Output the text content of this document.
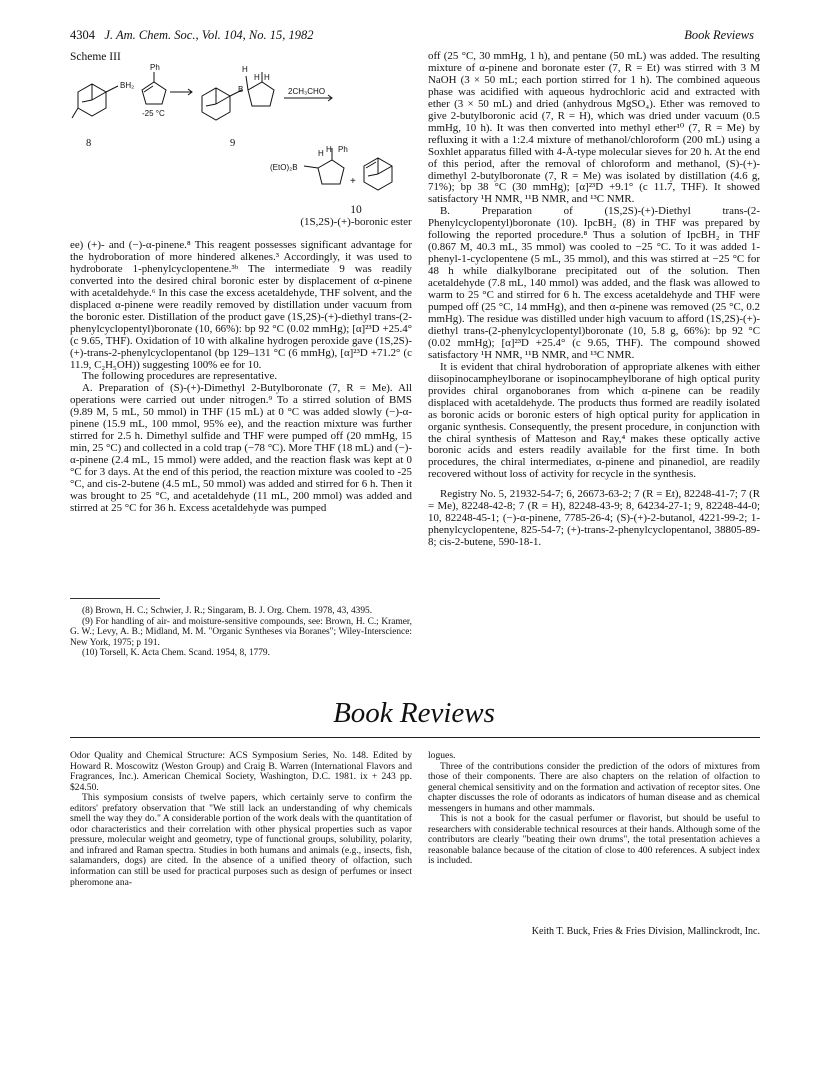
4304 J. Am. Chem. Soc., Vol. 104, No. 15, 1982	Book Reviews
Scheme III
BH₂
Ph
-25 °C
B
H
H H
2CH₃CHO
(EtO)₂B
H H Ph
+
8	9
10
(1S,2S)-(+)-boronic ester

ee) (+)- and (−)-α-pinene.⁸ This reagent possesses significant advantage for the hydroboration of more hindered alkenes.³ Accordingly, it was used to hydroborate 1-phenylcyclopentene.³ᵇ The intermediate 9 was readily converted into the desired chiral boronic ester by displacement of α-pinene with acetaldehyde.⁶ In this case the excess acetaldehyde, THF solvent, and the displaced α-pinene were readily removed by distillation under vacuum from the boronic ester. Distillation of the product gave (1S,2S)-(+)-diethyl trans-(2-phenylcyclopentyl)boronate (10, 66%): bp 92 °C (0.02 mmHg); [α]²³D +25.4° (c 9.65, THF). Oxidation of 10 with alkaline hydrogen peroxide gave (1S,2S)-(+)-trans-2-phenylcyclopentanol (bp 129–131 °C (6 mmHg), [α]²³D +71.2° (c 11.9, C₂H₅OH)) suggesting 100% ee for 10.

The following procedures are representative.

A. Preparation of (S)-(+)-Dimethyl 2-Butylboronate (7, R = Me). All operations were carried out under nitrogen.⁹ To a stirred solution of BMS (9.89 M, 5 mL, 50 mmol) in THF (15 mL) at 0 °C was added slowly (−)-α-pinene (15.9 mL, 100 mmol, 95% ee), and the reaction mixture was further stirred for 2.5 h. Dimethyl sulfide and THF were pumped off (20 mmHg, 15 min, 25 °C) and collected in a cold trap (−78 °C). More THF (18 mL) and (−)-α-pinene (2.4 mL, 15 mmol) were added, and the reaction flask was kept at 0 °C for 3 days. At the end of this period, the reaction mixture was cooled to -25 °C, and cis-2-butene (4.5 mL, 50 mmol) was added and stirred for 6 h. Then it was brought to 25 °C, and acetaldehyde (11 mL, 200 mmol) was added and stirred at 25 °C for 36 h. Excess acetaldehyde was pumped

(8) Brown, H. C.; Schwier, J. R.; Singaram, B. J. Org. Chem. 1978, 43, 4395.

(9) For handling of air- and moisture-sensitive compounds, see: Brown, H. C.; Kramer, G. W.; Levy, A. B.; Midland, M. M. "Organic Syntheses via Boranes"; Wiley-Interscience: New York, 1975; p 191.

(10) Torsell, K. Acta Chem. Scand. 1954, 8, 1779.

off (25 °C, 30 mmHg, 1 h), and pentane (50 mL) was added. The resulting mixture of α-pinene and boronate ester (7, R = Et) was stirred with 3 M NaOH (3 × 50 mL; each portion stirred for 1 h). The combined aqueous phase was acidified with aqueous hydrochloric acid and extracted with ether (3 × 50 mL) and dried (anhydrous MgSO₄). Ether was removed to give 2-butylboronic acid (7, R = H), which was dried under vacuum (0.5 mmHg, 10 h). It was then converted into methyl ether¹⁰ (7, R = Me) by refluxing it with a 1:2.4 mixture of methanol/chloroform (200 mL) using a Soxhlet apparatus filled with 4-Å-type molecular sieves for 20 h. At the end of this period, after the removal of chloroform and methanol, (S)-(+)-dimethyl 2-butylboronate (7, R = Me) was isolated by distillation (4.6 g, 71%); bp 38 °C (30 mmHg); [α]²³D +9.1° (c 11.7, THF). It showed satisfactory ¹H NMR, ¹¹B NMR, and ¹³C NMR.

B. Preparation of (1S,2S)-(+)-Diethyl trans-(2-Phenylcyclopentyl)boronate (10). IpcBH₂ (8) in THF was prepared by following the reported procedure.⁸ Thus a solution of IpcBH₂ in THF (0.867 M, 40.3 mL, 35 mmol) was cooled to −25 °C. To it was added 1-phenyl-1-cyclopentene (5 mL, 35 mmol), and this was stirred at −25 °C for 48 h while dialkylborane precipitated out of the solution. Then acetaldehyde (7.8 mL, 140 mmol) was added, and the flask was allowed to warm to 25 °C and stirred for 6 h. The excess acetaldehyde and THF were pumped off (25 °C, 14 mmHg), and then α-pinene was removed (25 °C, 0.2 mmHg). The residue was distilled under high vacuum to afford (1S,2S)-(+)-diethyl trans-(2-phenylcyclopentyl)boronate (10, 5.8 g, 66%): bp 92 °C (0.02 mmHg); [α]²³D +25.4° (c 9.65, THF). The compound showed satisfactory ¹H NMR, ¹¹B NMR, and ¹³C NMR.

It is evident that chiral hydroboration of appropriate alkenes with either diisopinocampheylborane or isopinocampheylborane of high optical purity provides chiral organoboranes from which α-pinene can be readily displaced with acetaldehyde. The products thus formed are readily isolated as boronic acids or boronic esters of high optical purity for application in organic synthesis. Consequently, the present procedure, in conjunction with the chiral synthesis of Matteson and Ray,⁴ makes these optically active boronic acids and esters readily available for the first time. In both procedures, the chiral intermediates, α-pinene and pinanediol, are readily recovered without loss of activity for recycle in the synthesis.

Registry No. 5, 21932-54-7; 6, 26673-63-2; 7 (R = Et), 82248-41-7; 7 (R = Me), 82248-42-8; 7 (R = H), 82248-43-9; 8, 64234-27-1; 9, 82248-44-0; 10, 82248-45-1; (−)-α-pinene, 7785-26-4; (S)-(+)-2-butanol, 4221-99-2; 1-phenylcyclopentene, 825-54-7; (+)-trans-2-phenylcyclopentanol, 38805-89-8; cis-2-butene, 590-18-1.

Book Reviews

Odor Quality and Chemical Structure: ACS Symposium Series, No. 148. Edited by Howard R. Moscowitz (Weston Group) and Craig B. Warren (International Flavors and Fragrances, Inc.). American Chemical Society, Washington, D.C. 1981. ix + 243 pp. $24.50.

This symposium consists of twelve papers, which certainly serve to confirm the editors' prefatory observation that "We still lack an understanding of why chemicals smell the way they do." A considerable portion of the work deals with the quantitation of odor characteristics and their correlation with other physical properties such as vapor pressure, molecular weight and geometry, type of functional groups, solubility, polarity, and infrared and Raman spectra. Studies in both humans and animals (e.g., insects, fish, salamanders, dogs) are cited. In the absence of a unified theory of olfaction, such information can still be used for practical purposes such as design of perfumes or insect pheromone ana-

logues.

Three of the contributions consider the prediction of the odors of mixtures from those of their components. There are also chapters on the relation of olfaction to general chemical sensitivity and on the formation and activation of receptor sites. One chapter discusses the role of odorants as indicators of human disease and as chemical messengers in humans and other mammals.

This is not a book for the casual perfumer or flavorist, but should be useful to researchers with considerable technical resources at their hands. Although some of the contributors are clearly "beating their own drums", the total presentation achieves a reasonable balance because of the citation of close to 400 references. A subject index is included.

Keith T. Buck, Fries & Fries Division, Mallinckrodt, Inc.
